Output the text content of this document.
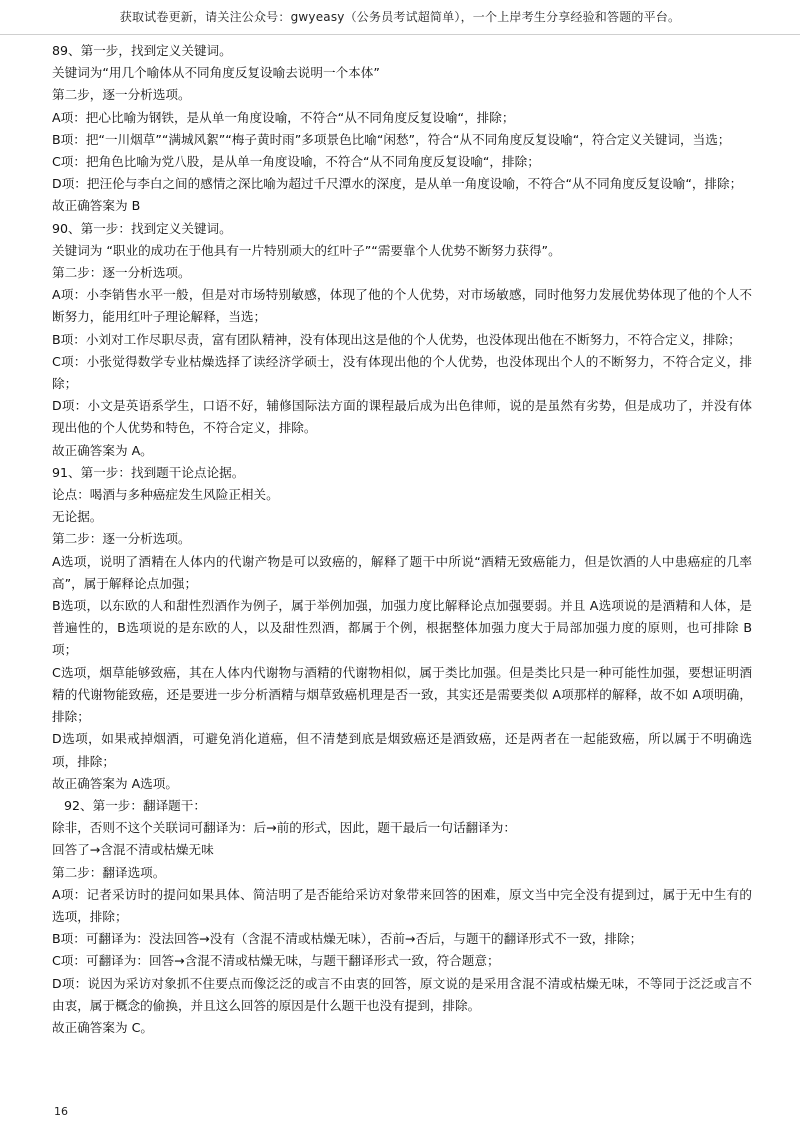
获取试卷更新，请关注公众号：gwyeasy（公务员考试超简单），一个上岸考生分享经验和答题的平台。

89、第一步，找到定义关键词。

关键词为“用几个喻体从不同角度反复设喻去说明一个本体”

第二步，逐一分析选项。

A项：把心比喻为钢铁，是从单一角度设喻，不符合“从不同角度反复设喻“，排除；

B项：把“一川烟草”“满城风絮”“梅子黄时雨”多项景色比喻“闲愁”，符合“从不同角度反复设喻“，符合定义关键词，当选；

C项：把角色比喻为党八股，是从单一角度设喻，不符合“从不同角度反复设喻“，排除；

D项：把汪伦与李白之间的感情之深比喻为超过千尺潭水的深度，是从单一角度设喻，不符合“从不同角度反复设喻“，排除；

故正确答案为 B

90、第一步：找到定义关键词。

关键词为 “职业的成功在于他具有一片特别顽大的红叶子”“需要靠个人优势不断努力获得”。

第二步：逐一分析选项。

A项：小李销售水平一般，但是对市场特别敏感，体现了他的个人优势，对市场敏感，同时他努力发展优势体现了他的个人不断努力，能用红叶子理论解释，当选；

B项：小刘对工作尽职尽责，富有团队精神，没有体现出这是他的个人优势，也没体现出他在不断努力，不符合定义，排除；

C项：小张觉得数学专业枯燥选择了读经济学硕士，没有体现出他的个人优势，也没体现出个人的不断努力，不符合定义，排除；

D项：小文是英语系学生，口语不好，辅修国际法方面的课程最后成为出色律师，说的是虽然有劣势，但是成功了，并没有体现出他的个人优势和特色，不符合定义，排除。

故正确答案为 A。

91、第一步：找到题干论点论据。

论点：喝酒与多种癌症发生风险正相关。

无论据。

第二步：逐一分析选项。

A选项，说明了酒精在人体内的代谢产物是可以致癌的，解释了题干中所说“酒精无致癌能力，但是饮酒的人中患癌症的几率高”，属于解释论点加强；

B选项，以东欧的人和甜性烈酒作为例子，属于举例加强，加强力度比解释论点加强要弱。并且 A选项说的是酒精和人体，是普遍性的，B选项说的是东欧的人，以及甜性烈酒，都属于个例，根据整体加强力度大于局部加强力度的原则，也可排除 B项；

C选项，烟草能够致癌，其在人体内代谢物与酒精的代谢物相似，属于类比加强。但是类比只是一种可能性加强，要想证明酒精的代谢物能致癌，还是要进一步分析酒精与烟草致癌机理是否一致，其实还是需要类似 A项那样的解释，故不如 A项明确，排除；

D选项，如果戒掉烟酒，可避免消化道癌，但不清楚到底是烟致癌还是酒致癌，还是两者在一起能致癌，所以属于不明确选项，排除；

故正确答案为 A选项。

92、第一步：翻译题干：

除非，否则不这个关联词可翻译为：后→前的形式，因此，题干最后一句话翻译为：

回答了→含混不清或枯燥无味

第二步：翻译选项。

A项：记者采访时的提问如果具体、简洁明了是否能给采访对象带来回答的困难，原文当中完全没有提到过，属于无中生有的选项，排除；

B项：可翻译为：没法回答→没有（含混不清或枯燥无味），否前→否后，与题干的翻译形式不一致，排除；

C项：可翻译为：回答→含混不清或枯燥无味，与题干翻译形式一致，符合题意；

D项：说因为采访对象抓不住要点而像泛泛的或言不由衷的回答，原文说的是采用含混不清或枯燥无味，不等同于泛泛或言不由衷，属于概念的偷换，并且这么回答的原因是什么题干也没有提到，排除。

故正确答案为 C。

16
